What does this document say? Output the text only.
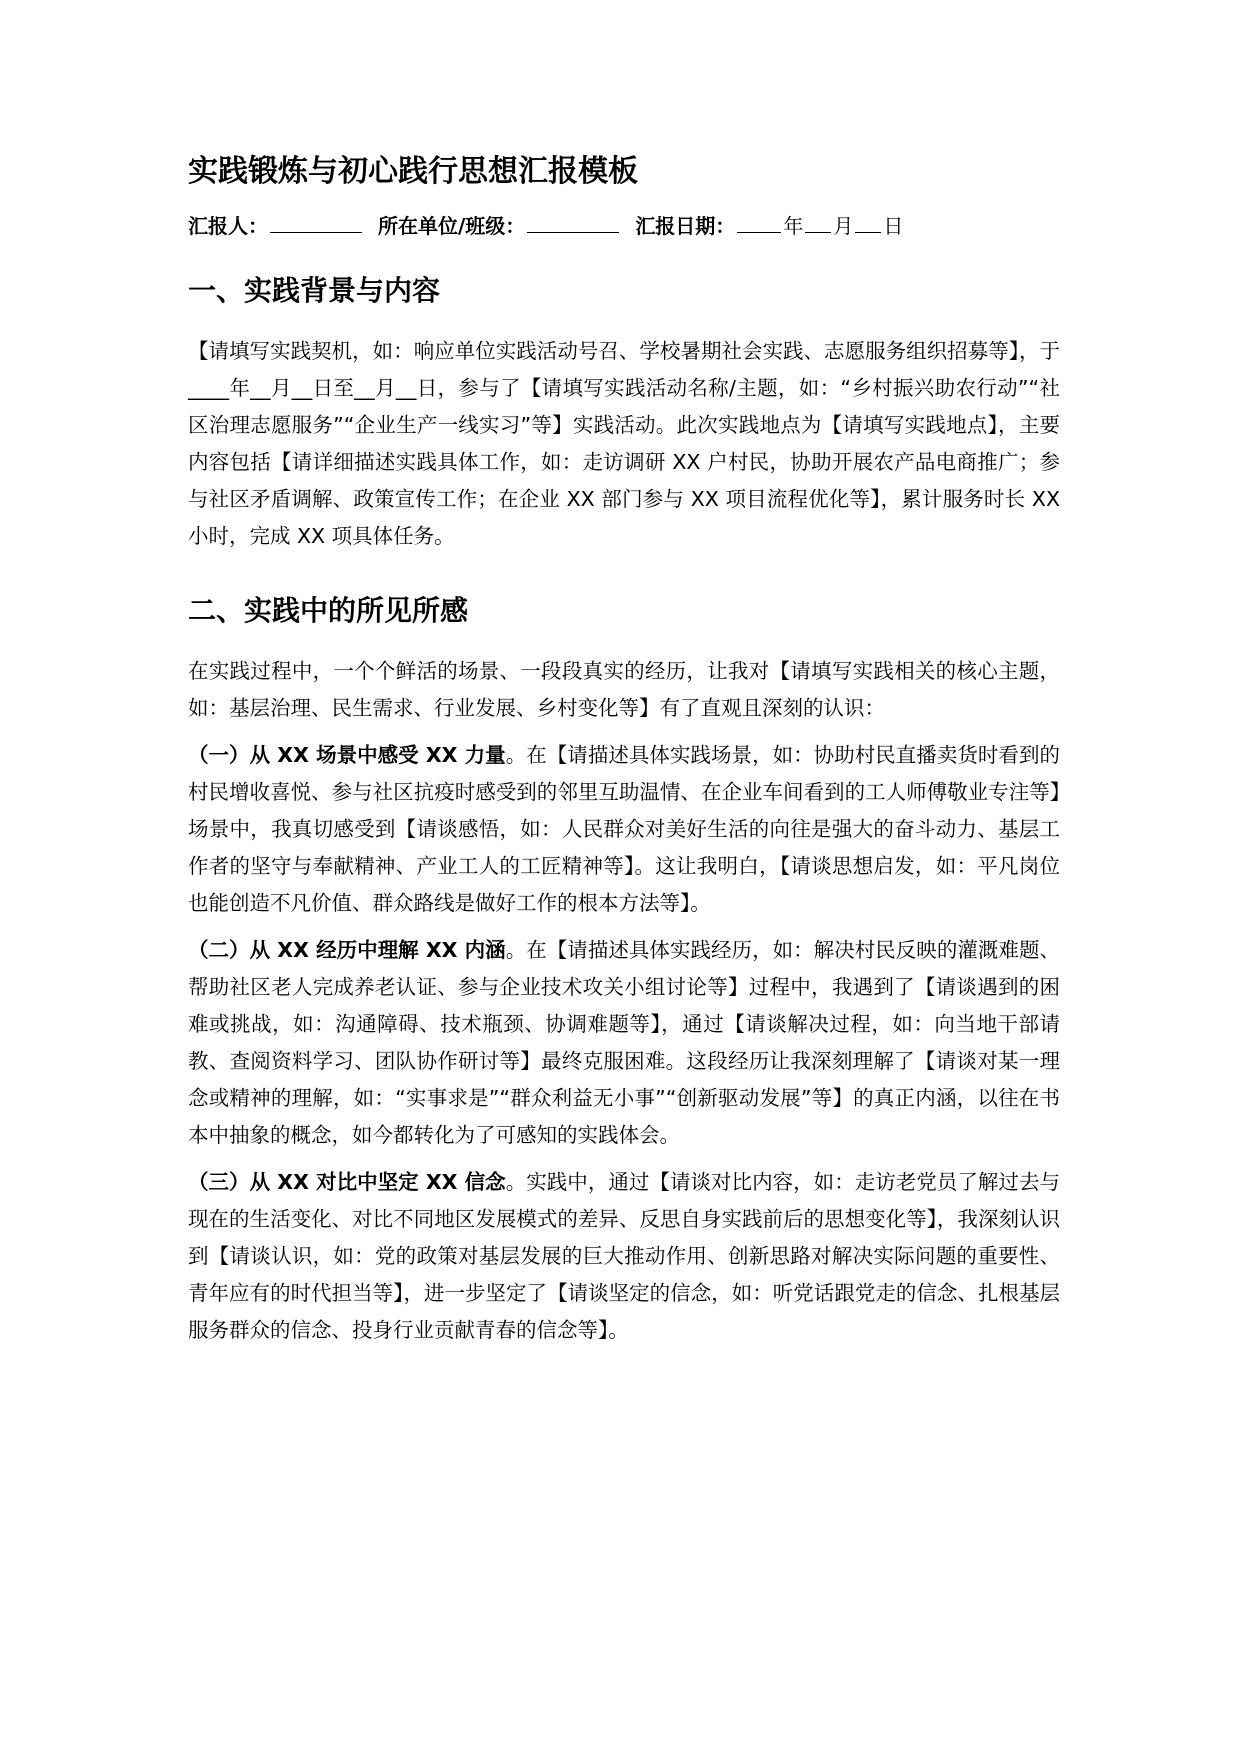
实践锻炼与初心践行思想汇报模板
汇报人：	所在单位/班级：	汇报日期： 年 月 日
一、实践背景与内容

【请填写实践契机，如：响应单位实践活动号召、学校暑期社会实践、志愿服务组织招募等】，于____年__月__日至__月__日，参与了【请填写实践活动名称/主题，如：“乡村振兴助农行动”“社区治理志愿服务”“企业生产一线实习”等】实践活动。此次实践地点为【请填写实践地点】，主要内容包括【请详细描述实践具体工作，如：走访调研 XX 户村民，协助开展农产品电商推广；参与社区矛盾调解、政策宣传工作；在企业 XX 部门参与 XX 项目流程优化等】，累计服务时长 XX 小时，完成 XX 项具体任务。

二、实践中的所见所感

在实践过程中，一个个鲜活的场景、一段段真实的经历，让我对【请填写实践相关的核心主题，如：基层治理、民生需求、行业发展、乡村变化等】有了直观且深刻的认识：

（一）从 XX 场景中感受 XX 力量。在【请描述具体实践场景，如：协助村民直播卖货时看到的村民增收喜悦、参与社区抗疫时感受到的邻里互助温情、在企业车间看到的工人师傅敬业专注等】场景中，我真切感受到【请谈感悟，如：人民群众对美好生活的向往是强大的奋斗动力、基层工作者的坚守与奉献精神、产业工人的工匠精神等】。这让我明白，【请谈思想启发，如：平凡岗位也能创造不凡价值、群众路线是做好工作的根本方法等】。

（二）从 XX 经历中理解 XX 内涵。在【请描述具体实践经历，如：解决村民反映的灌溉难题、帮助社区老人完成养老认证、参与企业技术攻关小组讨论等】过程中，我遇到了【请谈遇到的困难或挑战，如：沟通障碍、技术瓶颈、协调难题等】，通过【请谈解决过程，如：向当地干部请教、查阅资料学习、团队协作研讨等】最终克服困难。这段经历让我深刻理解了【请谈对某一理念或精神的理解，如：“实事求是”“群众利益无小事”“创新驱动发展”等】的真正内涵，以往在书本中抽象的概念，如今都转化为了可感知的实践体会。

（三）从 XX 对比中坚定 XX 信念。实践中，通过【请谈对比内容，如：走访老党员了解过去与现在的生活变化、对比不同地区发展模式的差异、反思自身实践前后的思想变化等】，我深刻认识到【请谈认识，如：党的政策对基层发展的巨大推动作用、创新思路对解决实际问题的重要性、青年应有的时代担当等】，进一步坚定了【请谈坚定的信念，如：听党话跟党走的信念、扎根基层服务群众的信念、投身行业贡献青春的信念等】。
